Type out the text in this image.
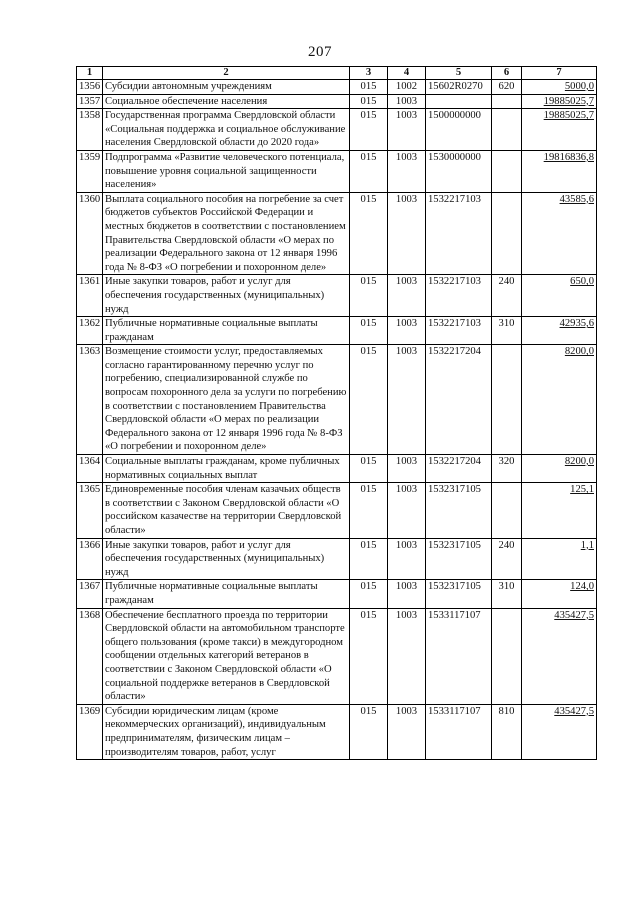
207
1	2	3	4	5	6	7
1356	Субсидии автономным учреждениям	015	1002	15602R0270	620	5000,0
1357	Социальное обеспечение населения	015	1003			19885025,7
1358	Государственная программа Свердловской области «Социальная поддержка и социальное обслуживание населения Свердловской области до 2020 года»	015	1003	1500000000		19885025,7
1359	Подпрограмма «Развитие человеческого потенциала, повышение уровня социальной защищенности населения»	015	1003	1530000000		19816836,8
1360	Выплата социального пособия на погребение за счет бюджетов субъектов Российской Федерации и местных бюджетов в соответствии с постановлением Правительства Свердловской области «О мерах по реализации Федерального закона от 12 января 1996 года № 8-ФЗ «О погребении и похоронном деле»	015	1003	1532217103		43585,6
1361	Иные закупки товаров, работ и услуг для обеспечения государственных (муниципальных) нужд	015	1003	1532217103	240	650,0
1362	Публичные нормативные социальные выплаты гражданам	015	1003	1532217103	310	42935,6
1363	Возмещение стоимости услуг, предоставляемых согласно гарантированному перечню услуг по погребению, специализированной службе по вопросам похоронного дела за услуги по погребению в соответствии с постановлением Правительства Свердловской области «О мерах по реализации Федерального закона от 12 января 1996 года № 8-ФЗ «О погребении и похоронном деле»	015	1003	1532217204		8200,0
1364	Социальные выплаты гражданам, кроме публичных нормативных социальных выплат	015	1003	1532217204	320	8200,0
1365	Единовременные пособия членам казачьих обществ в соответствии с Законом Свердловской области «О российском казачестве на территории Свердловской области»	015	1003	1532317105		125,1
1366	Иные закупки товаров, работ и услуг для обеспечения государственных (муниципальных) нужд	015	1003	1532317105	240	1,1
1367	Публичные нормативные социальные выплаты гражданам	015	1003	1532317105	310	124,0
1368	Обеспечение бесплатного проезда по территории Свердловской области на автомобильном транспорте общего пользования (кроме такси) в междугородном сообщении отдельных категорий ветеранов в соответствии с Законом Свердловской области «О социальной поддержке ветеранов в Свердловской области»	015	1003	1533117107		435427,5
1369	Субсидии юридическим лицам (кроме некоммерческих организаций), индивидуальным предпринимателям, физическим лицам – производителям товаров, работ, услуг	015	1003	1533117107	810	435427,5
